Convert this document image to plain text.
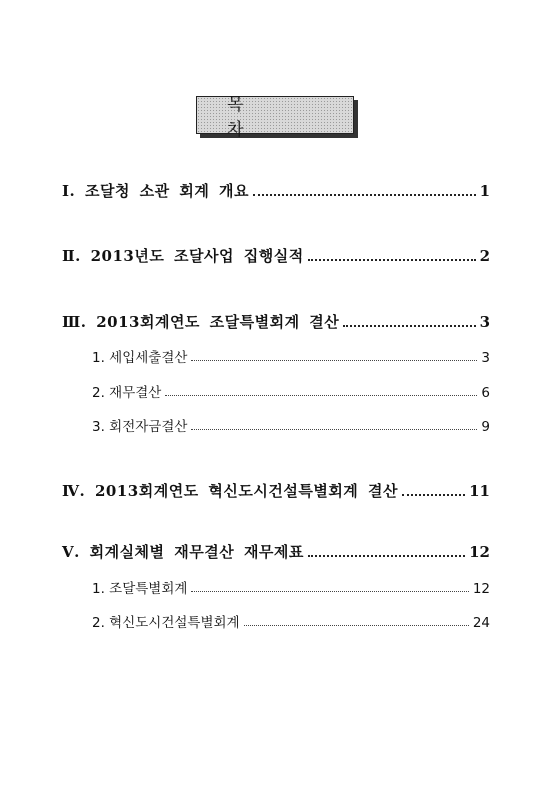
목 차
Ⅰ. 조달청 소관 회계 개요	1
Ⅱ. 2013년도 조달사업 집행실적	2
Ⅲ. 2013회계연도 조달특별회계 결산	3
1. 세입세출결산	3
2. 재무결산	6
3. 회전자금결산	9
Ⅳ. 2013회계연도 혁신도시건설특별회계 결산	11
Ⅴ. 회계실체별 재무결산 재무제표	12
1. 조달특별회계	12
2. 혁신도시건설특별회계	24
